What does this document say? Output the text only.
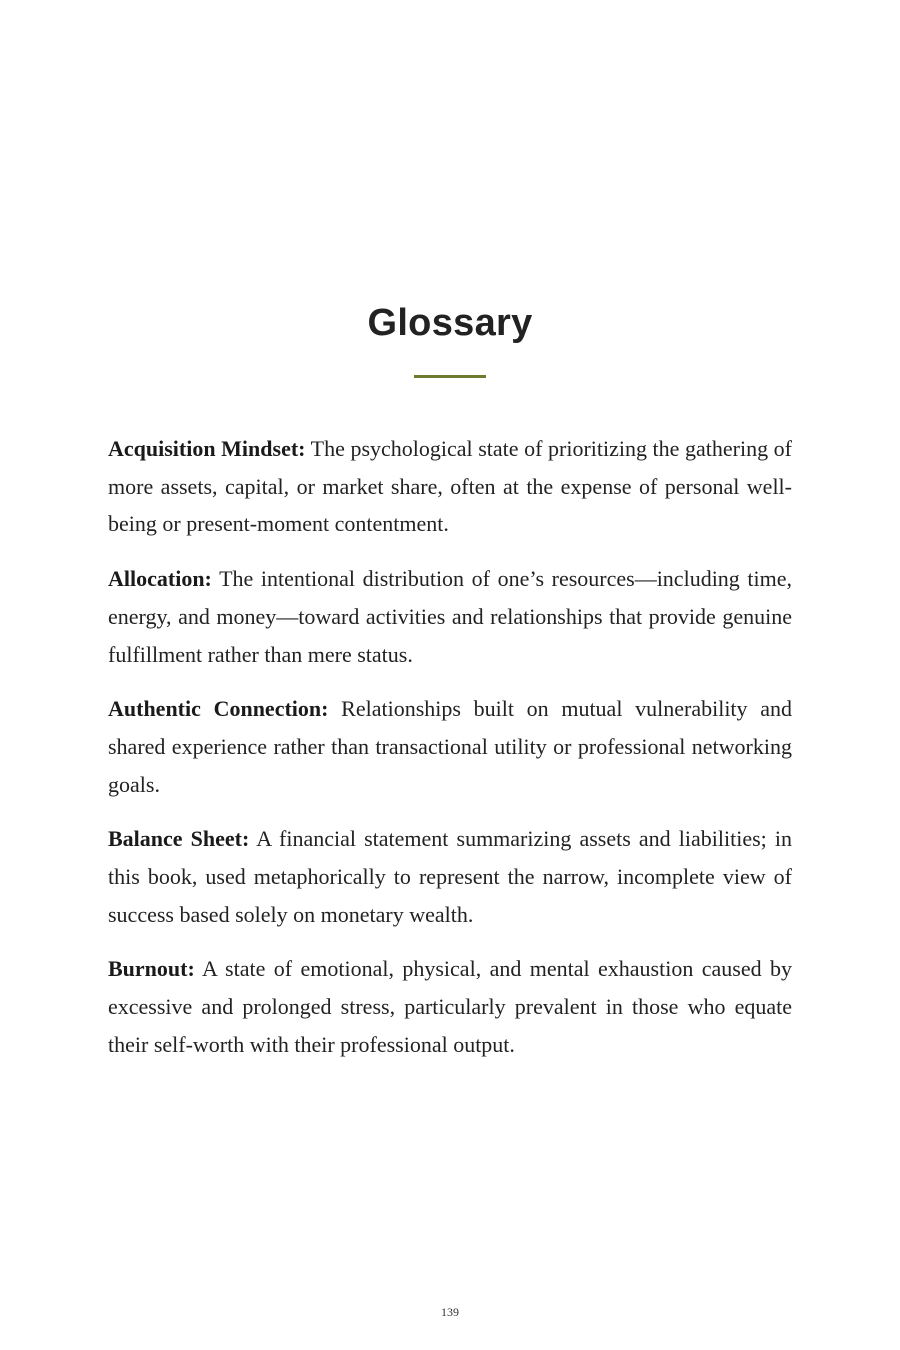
Glossary

Acquisition Mindset: The psychological state of prioritizing the gathering of more assets, capital, or market share, often at the expense of personal well-being or present-moment contentment.

Allocation: The intentional distribution of one’s resources—including time, energy, and money—toward activities and relationships that provide genuine fulfillment rather than mere status.

Authentic Connection: Relationships built on mutual vulnerability and shared experience rather than transactional utility or professional networking goals.

Balance Sheet: A financial statement summarizing assets and liabilities; in this book, used metaphorically to represent the narrow, incomplete view of success based solely on monetary wealth.

Burnout: A state of emotional, physical, and mental exhaustion caused by excessive and prolonged stress, particularly prevalent in those who equate their self-worth with their professional output.

139
